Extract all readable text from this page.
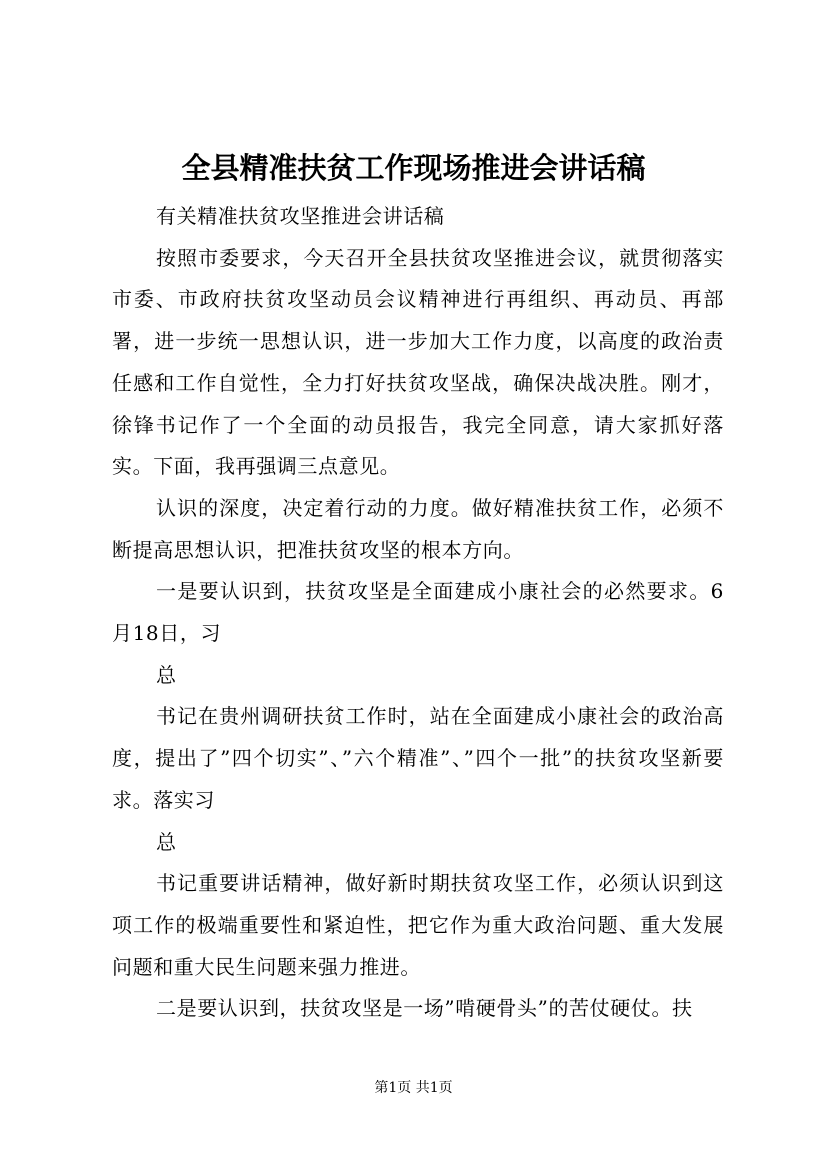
全县精准扶贫工作现场推进会讲话稿

有关精准扶贫攻坚推进会讲话稿

按照市委要求，今天召开全县扶贫攻坚推进会议，就贯彻落实市委、市政府扶贫攻坚动员会议精神进行再组织、再动员、再部署，进一步统一思想认识，进一步加大工作力度，以高度的政治责任感和工作自觉性，全力打好扶贫攻坚战，确保决战决胜。刚才，徐锋书记作了一个全面的动员报告，我完全同意，请大家抓好落实。下面，我再强调三点意见。

认识的深度，决定着行动的力度。做好精准扶贫工作，必须不断提高思想认识，把准扶贫攻坚的根本方向。

一是要认识到，扶贫攻坚是全面建成小康社会的必然要求。6月18日，习

总

书记在贵州调研扶贫工作时，站在全面建成小康社会的政治高度，提出了”四个切实”、”六个精准”、”四个一批”的扶贫攻坚新要求。落实习

总

书记重要讲话精神，做好新时期扶贫攻坚工作，必须认识到这项工作的极端重要性和紧迫性，把它作为重大政治问题、重大发展问题和重大民生问题来强力推进。

二是要认识到，扶贫攻坚是一场”啃硬骨头”的苦仗硬仗。扶

第1页 共1页
